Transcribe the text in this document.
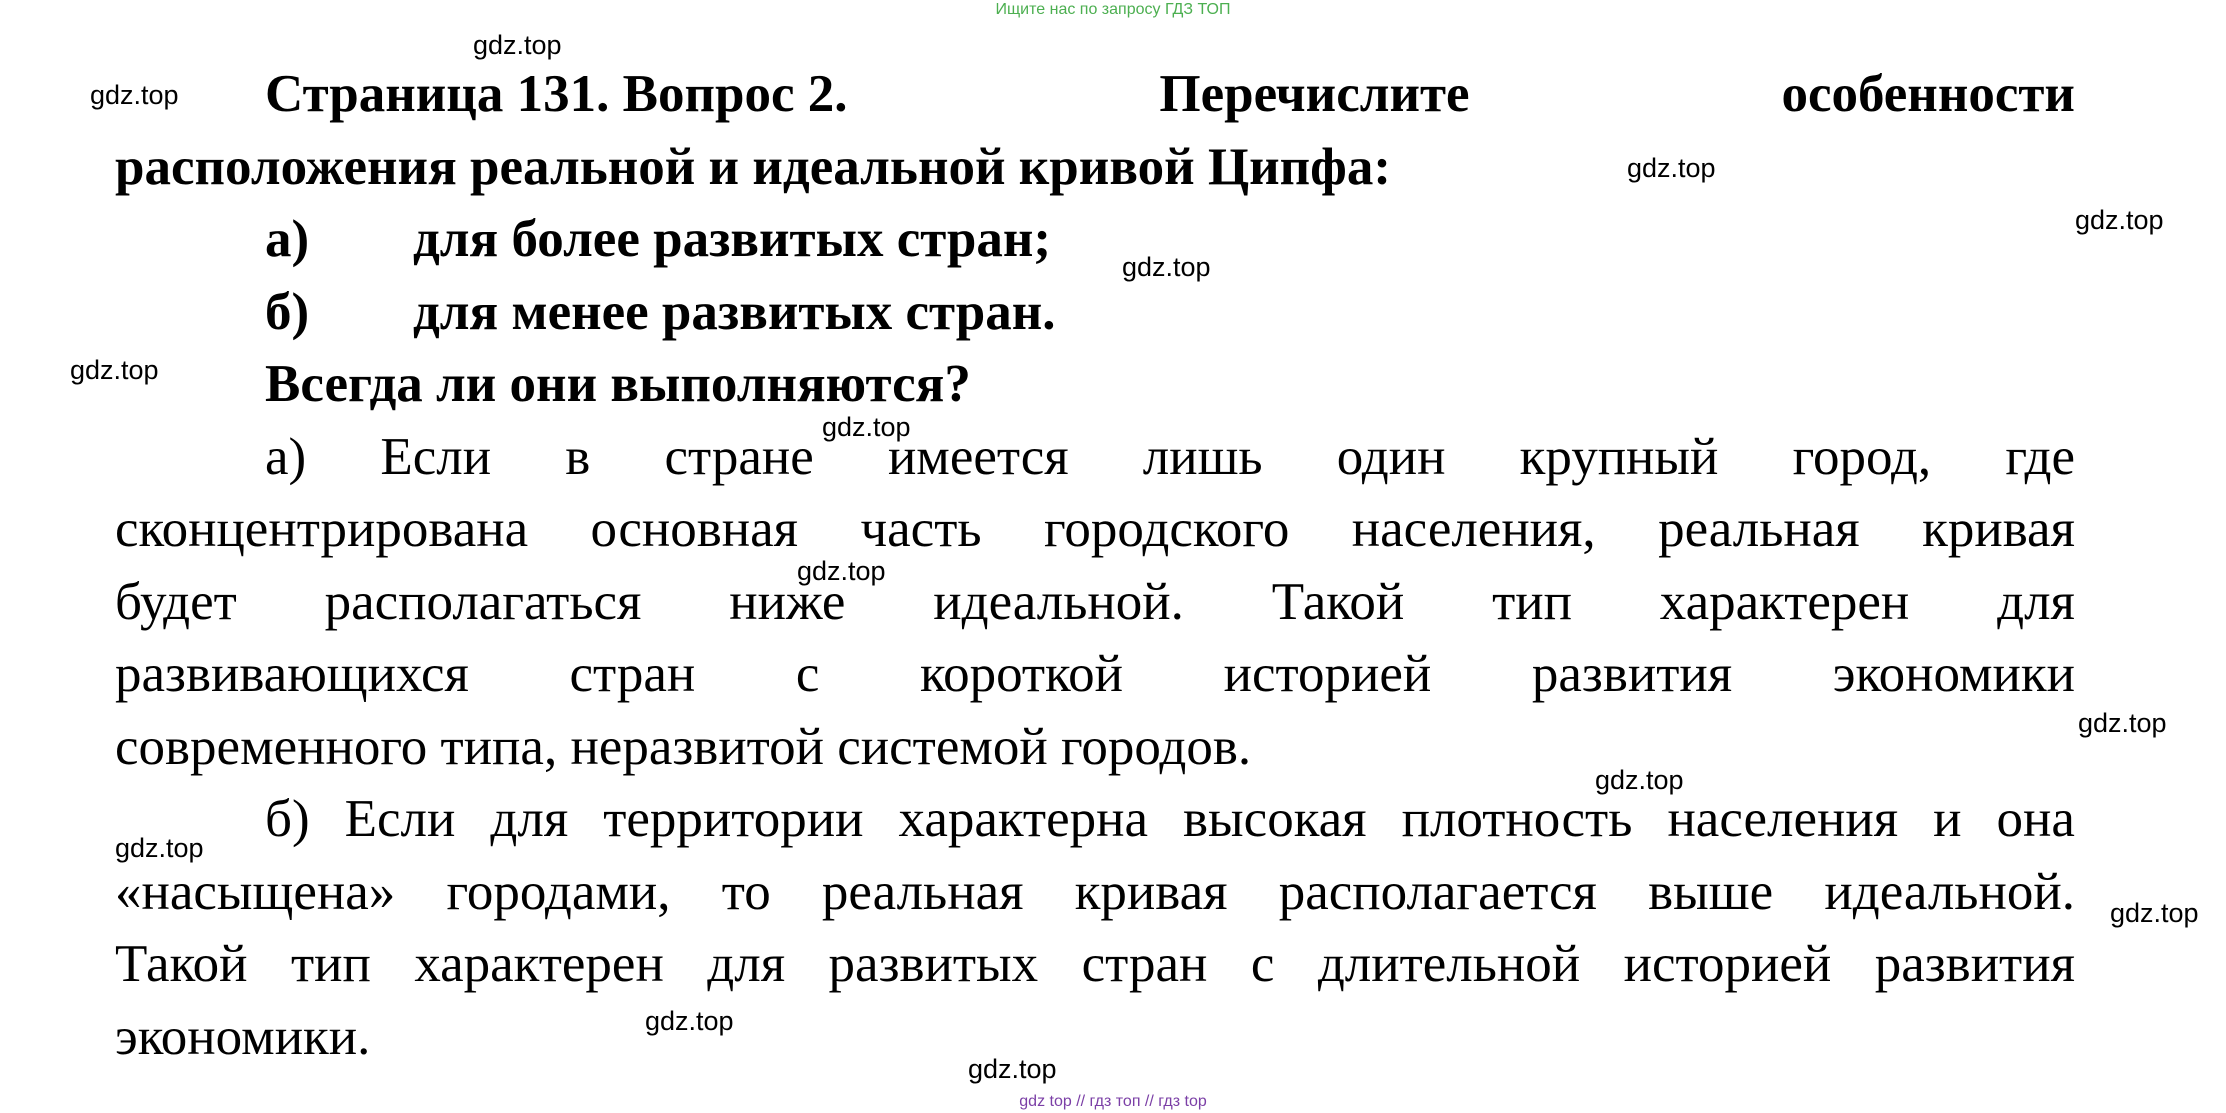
Ищите нас по запросу ГДЗ ТОП
Страница 131. Вопрос 2.	Перечислите	особенности
расположения реальной и идеальной кривой Ципфа:
а) для более развитых стран;
б) для менее развитых стран.
Всегда ли они выполняются?
а) Если в стране имеется лишь один крупный город, где
сконцентрирована основная часть городского населения, реальная кривая
будет располагаться ниже идеальной. Такой тип характерен для
развивающихся стран с короткой историей развития экономики
современного типа, неразвитой системой городов.
б) Если для территории характерна высокая плотность населения и она
«насыщена» городами, то реальная кривая располагается выше идеальной.
Такой тип характерен для развитых стран с длительной историей развития
экономики.
gdz.top
gdz.top
gdz.top
gdz.top
gdz.top
gdz.top
gdz.top
gdz.top
gdz.top
gdz.top
gdz.top
gdz.top
gdz.top
gdz.top
gdz top // гдз топ // гдз top
